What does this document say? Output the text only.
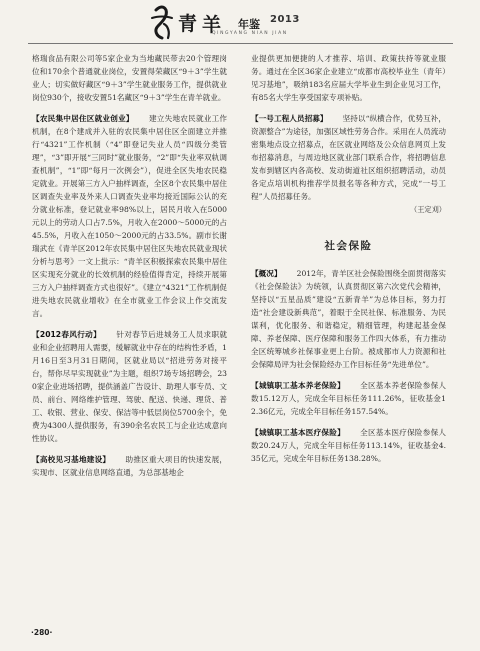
青 羊 年鉴 2013
QINGYANG NIAN JIAN

格瑞食品有限公司等5家企业为当地藏民带去20个管理岗位和170余个普通就业岗位，安置得荣藏区“9＋3”学生就业人；切实做好藏区“9＋3”学生就业服务工作，提供就业岗位930个，接收安置51名藏区“9＋3”学生在青羊就业。

【农民集中居住区就业创业】 建立失地农民就业工作机制，在8个建成并入驻的农民集中居住区全面建立并推行“4321”工作机制（“4”即登记失业人员“四级分类管理”，“3”即开展“三同时”就业服务，“2”即“失业率双轨调查机制”，“1”即“每月一次例会”），促进全区失地农民稳定就业。开展第三方入户抽样调查，全区8个农民集中居住区调查失业率及外来人口调查失业率均接近国际公认的充分就业标准，登记就业率98%以上，居民月收入在5000元以上的劳动人口占7.5%，月收入在2000～5000元的占45.5%，月收入在1050～2000元的占33.5%。副市长谢瑞武在《青羊区2012年农民集中居住区失地农民就业现状分析与思考》一文上批示：“青羊区积极探索农民集中居住区实现充分就业的长效机制的经验值得肯定，持续开展第三方入户抽样调查方式也很好”。《建立“4321”工作机制促进失地农民就业增收》在全市就业工作会议上作交流发言。

【2012春风行动】 针对春节后进城务工人员求职就业和企业招聘用人需要，缓解就业中存在的结构性矛盾，1月16日至3月31日期间，区就业局以“招进劳务对接平台，帮你尽早实现就业”为主题，组织7场专场招聘会，230家企业进场招聘，提供涵盖广告设计、助理人事专员、文员、前台、网络维护管理、驾驶、配送、快递、理货、普工、收银、营业、保安、保洁等中低层岗位5700余个，免费为4300人提供服务，有390余名农民工与企业达成意向性协议。

【高校见习基地建设】 助推区重大项目的快速发展，实现市、区就业信息网络直通，为总部基地企

业提供更加便捷的人才推荐、培训、政策扶持等就业服务。通过在全区36家企业建立“成都市高校毕业生（青年）见习基地”，吸纳183名应届大学毕业生到企业见习工作，有85名大学生享受国家专项补贴。

【一号工程人员招募】 坚持以“纵横合作，优势互补，资源整合”为途径，加强区域性劳务合作。采用在人员流动密集地点设立招募点，在区就业网络及公众信息网页上发布招募消息，与周边地区就业部门联系合作，将招聘信息发布到辖区内各高校、发动街道社区组织招聘活动，动员各定点培训机构推荐学员报名等各种方式，完成“一号工程”人员招募任务。

（王定刈）
社会保险

【概况】 2012年，青羊区社会保险围绕全面贯彻落实《社会保险法》为统领，认真贯彻区第六次党代会精神，坚持以“五星品质”建设“五新青羊”为总体目标，努力打造“社会建设新典范”，着眼于全民社保、标准服务、为民谋利，优化服务、和谐稳定，精细管理，构建起基金保障、养老保障、医疗保障和服务工作四大体系，有力推动全区统筹城乡社保事业更上台阶。被成都市人力资源和社会保障局评为社会保险经办工作目标任务“先进单位”。

【城镇职工基本养老保险】 全区基本养老保险参保人数15.12万人，完成全年目标任务111.26%，征收基金12.36亿元，完成全年目标任务157.54%。

【城镇职工基本医疗保险】 全区基本医疗保险参保人数20.24万人，完成全年目标任务113.14%，征收基金4.35亿元，完成全年目标任务138.28%。

·280·
